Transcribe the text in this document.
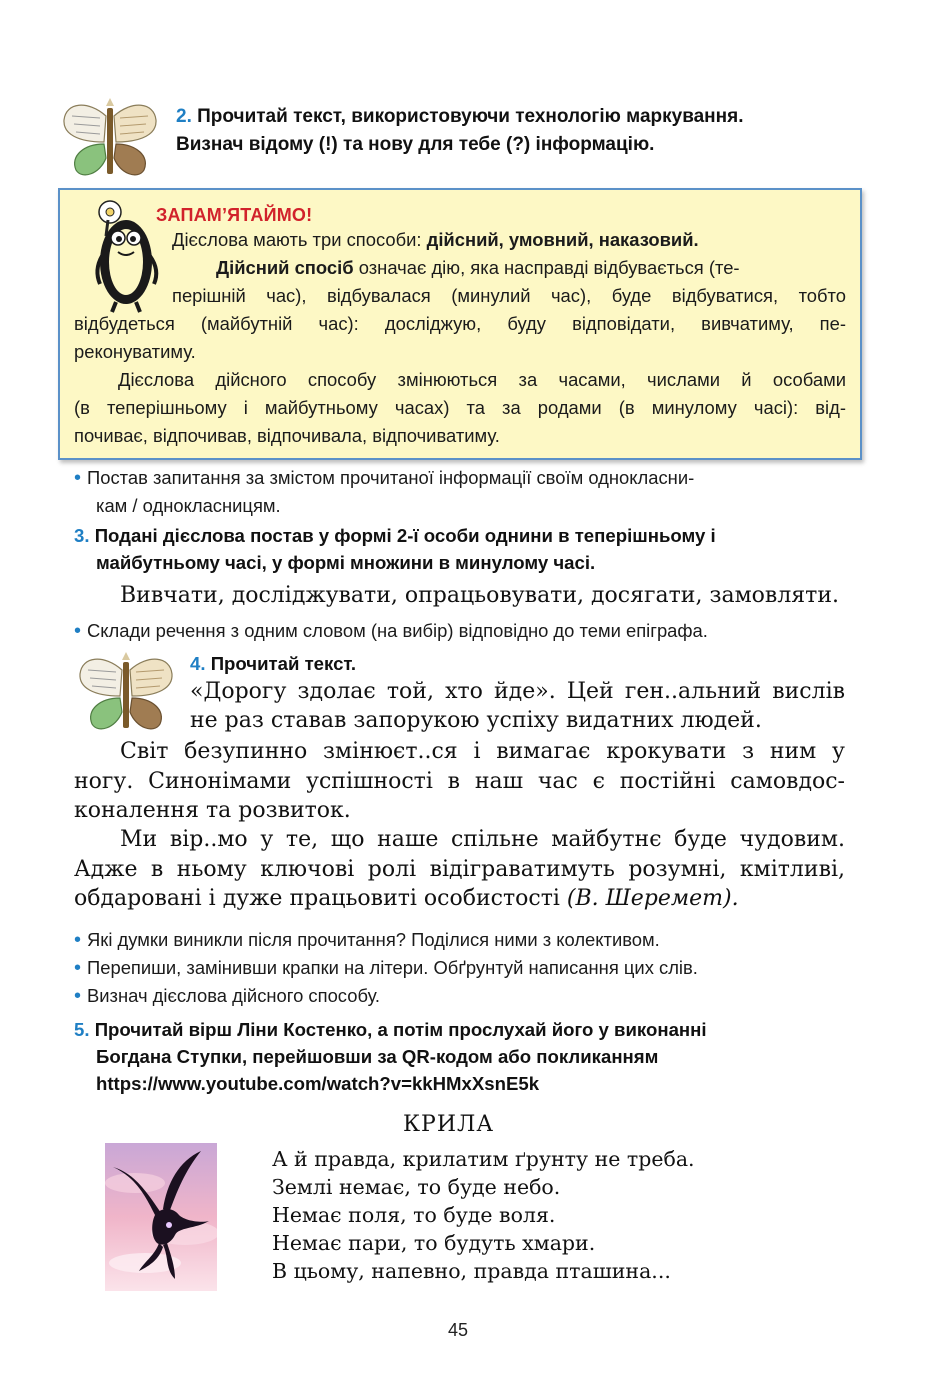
2. Прочитай текст, використовуючи технологію маркування.
Визнач відому (!) та нову для тебе (?) інформацію.
ЗАПАМ’ЯТАЙМО!
Дієслова мають три способи: дійсний, умовний, наказовий.
Дійсний спосіб означає дію, яка насправді відбувається (те-
перішній час), відбувалася (минулий час), буде відбуватися, тобто
відбудеться (майбутній час): досліджую, буду відповідати, вивчатиму, пе-
реконуватиму.
Дієслова дійсного способу змінюються за часами, числами й особами
(в теперішньому і майбутньому часах) та за родами (в минулому часі): від-
почиває, відпочивав, відпочивала, відпочиватиму.
• Постав запитання за змістом прочитаної інформації своїм однокласни-
кам / однокласницям.
3. Подані дієслова постав у формі 2-ї особи однини в теперішньому і
майбутньому часі, у формі множини в минулому часі.
Вивчати, досліджувати, опрацьовувати, досягати, замовляти.
• Склади речення з одним словом (на вибір) відповідно до теми епіграфа.
4. Прочитай текст.
«Дорогу здолає той, хто йде». Цей ген..альний вислів
не раз ставав запорукою успіху видатних людей.
Світ безупинно змінюєт..ся і вимагає крокувати з ним у
ногу. Синонімами успішності в наш час є постійні самовдос-
коналення та розвиток.
Ми вір..мо у те, що наше спільне майбутнє буде чудовим.
Адже в ньому ключові ролі відіграватимуть розумні, кмітливі,
обдаровані і дуже працьовиті особистості (В. Шеремет).
• Які думки виникли після прочитання? Поділися ними з колективом.
• Перепиши, замінивши крапки на літери. Обґрунтуй написання цих слів.
• Визнач дієслова дійсного способу.
5. Прочитай вірш Ліни Костенко, а потім прослухай його у виконанні
Богдана Ступки, перейшовши за QR-кодом або покликанням
https://www.youtube.com/watch?v=kkHMxXsnE5k
КРИЛА
А й правда, крилатим ґрунту не треба.
Землі немає, то буде небо.
Немає поля, то буде воля.
Немає пари, то будуть хмари.
В цьому, напевно, правда пташина...
45
